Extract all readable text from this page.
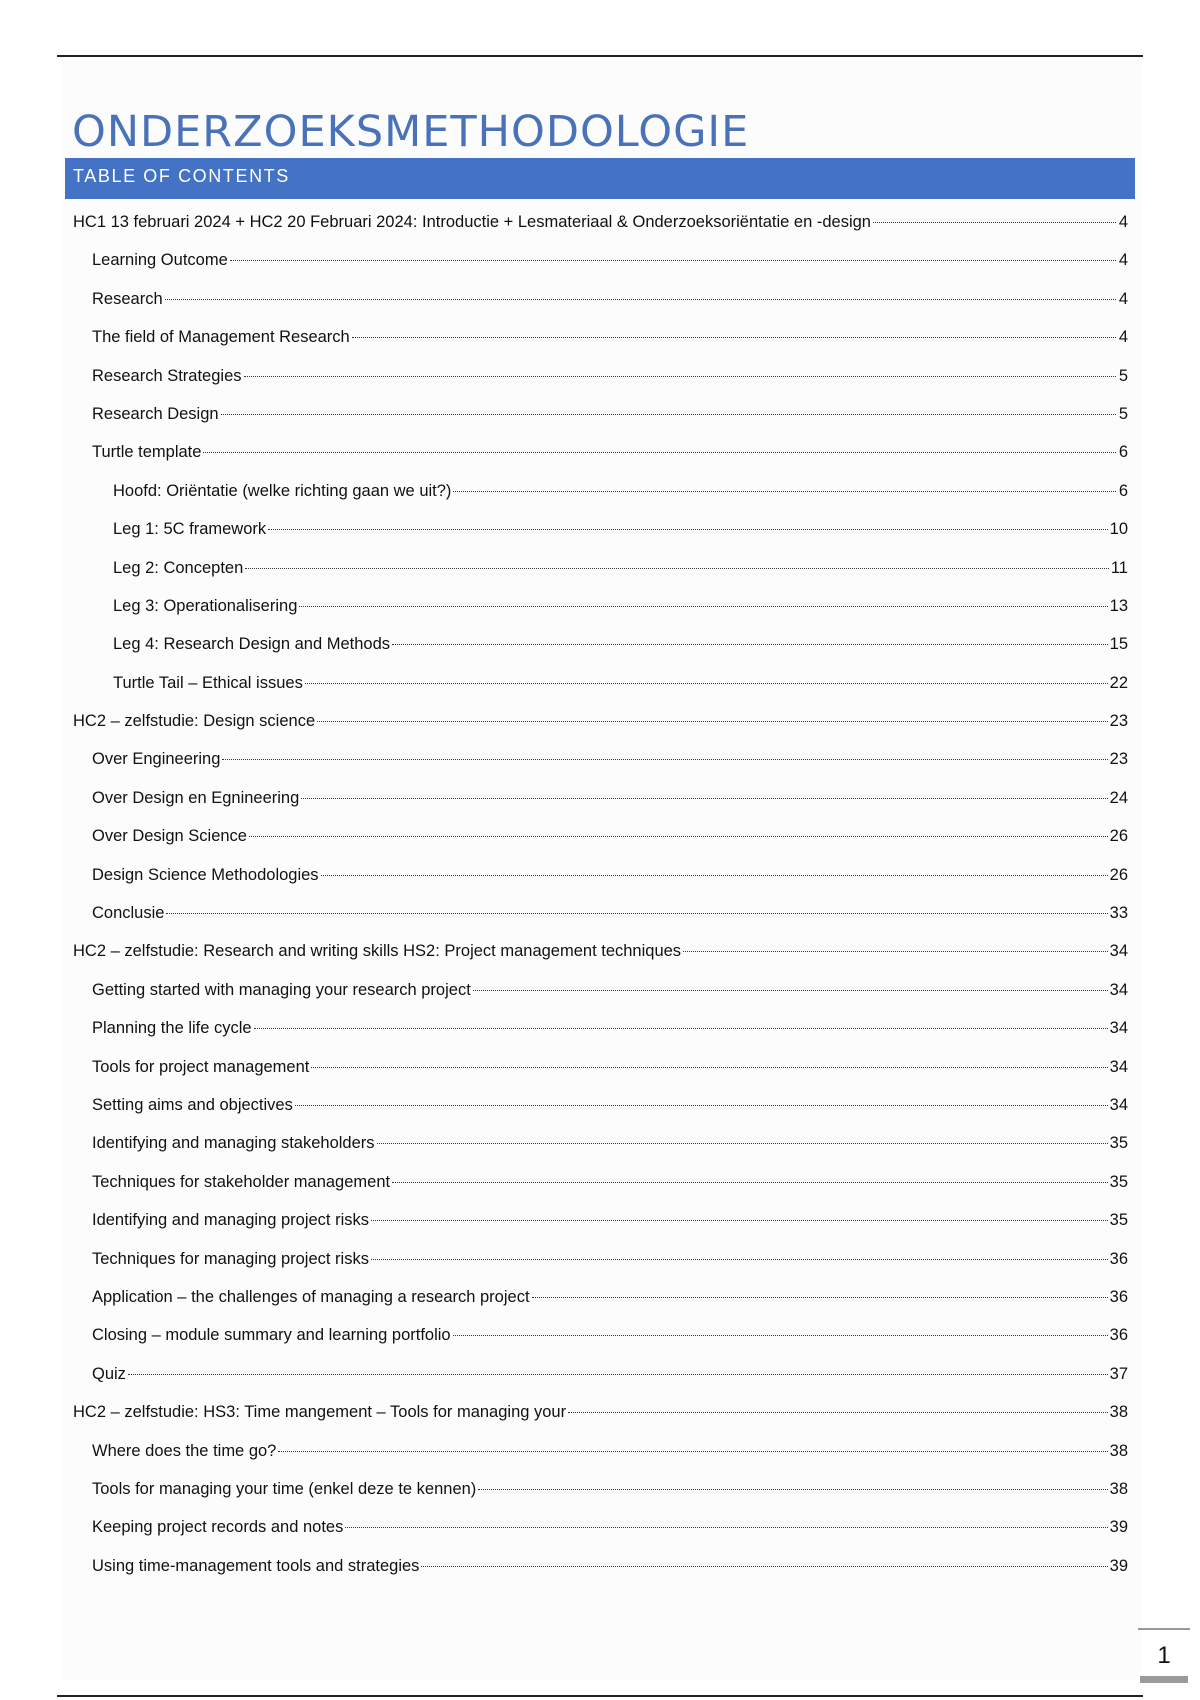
ONDERZOEKSMETHODOLOGIE
TABLE OF CONTENTS
HC1 13 februari 2024 + HC2 20 Februari 2024: Introductie + Lesmateriaal & Onderzoeksoriëntatie en -design	4
Learning Outcome	4
Research	4
The field of Management Research	4
Research Strategies	5
Research Design	5
Turtle template	6
Hoofd: Oriëntatie (welke richting gaan we uit?)	6
Leg 1: 5C framework	10
Leg 2: Concepten	11
Leg 3: Operationalisering	13
Leg 4: Research Design and Methods	15
Turtle Tail – Ethical issues	22
HC2 – zelfstudie: Design science	23
Over Engineering	23
Over Design en Egnineering	24
Over Design Science	26
Design Science Methodologies	26
Conclusie	33
HC2 – zelfstudie: Research and writing skills HS2: Project management techniques	34
Getting started with managing your research project	34
Planning the life cycle	34
Tools for project management	34
Setting aims and objectives	34
Identifying and managing stakeholders	35
Techniques for stakeholder management	35
Identifying and managing project risks	35
Techniques for managing project risks	36
Application – the challenges of managing a research project	36
Closing – module summary and learning portfolio	36
Quiz	37
HC2 – zelfstudie: HS3: Time mangement – Tools for managing your	38
Where does the time go?	38
Tools for managing your time (enkel deze te kennen)	38
Keeping project records and notes	39
Using time-management tools and strategies	39
1
